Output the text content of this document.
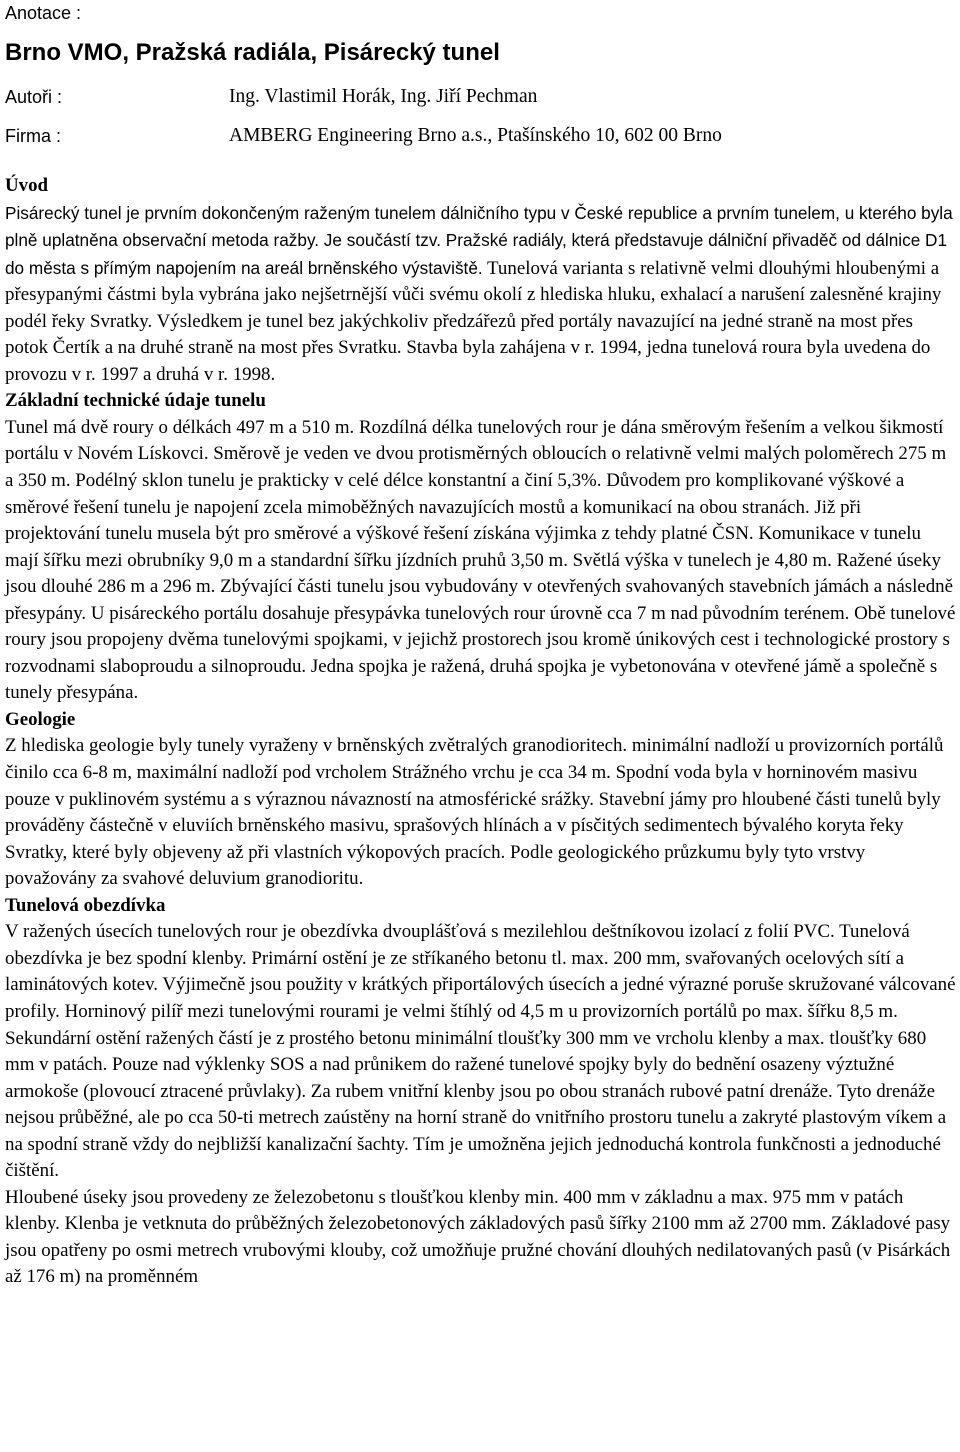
Anotace :
Brno VMO, Pražská radiála, Pisárecký tunel
Autoři :	Ing. Vlastimil Horák, Ing. Jiří Pechman
Firma :	AMBERG Engineering Brno a.s., Ptašínského 10, 602 00 Brno
Úvod

Pisárecký tunel je prvním dokončeným raženým tunelem dálničního typu v České republice a prvním tunelem, u kterého byla plně uplatněna observační metoda ražby. Je součástí tzv. Pražské radiály, která představuje dálniční přivaděč od dálnice D1 do města s přímým napojením na areál brněnského výstaviště. Tunelová varianta s relativně velmi dlouhými hloubenými a přesypanými částmi byla vybrána jako nejšetrnější vůči svému okolí z hlediska hluku, exhalací a narušení zalesněné krajiny podél řeky Svratky. Výsledkem je tunel bez jakýchkoliv předzářezů před portály navazující na jedné straně na most přes potok Čertík a na druhé straně na most přes Svratku. Stavba byla zahájena v r. 1994, jedna tunelová roura byla uvedena do provozu v r. 1997 a druhá v r. 1998.

Základní technické údaje tunelu

Tunel má dvě roury o délkách 497 m a 510 m. Rozdílná délka tunelových rour je dána směrovým řešením a velkou šikmostí portálu v Novém Lískovci. Směrově je veden ve dvou protisměrných obloucích o relativně velmi malých poloměrech 275 m a 350 m. Podélný sklon tunelu je prakticky v celé délce konstantní a činí 5,3%. Důvodem pro komplikované výškové a směrové řešení tunelu je napojení zcela mimoběžných navazujících mostů a komunikací na obou stranách. Již při projektování tunelu musela být pro směrové a výškové řešení získána výjimka z tehdy platné ČSN. Komunikace v tunelu mají šířku mezi obrubníky 9,0 m a standardní šířku jízdních pruhů 3,50 m. Světlá výška v tunelech je 4,80 m. Ražené úseky jsou dlouhé 286 m a 296 m. Zbývající části tunelu jsou vybudovány v otevřených svahovaných stavebních jámách a následně přesypány. U pisáreckého portálu dosahuje přesypávka tunelových rour úrovně cca 7 m nad původním terénem. Obě tunelové roury jsou propojeny dvěma tunelovými spojkami, v jejichž prostorech jsou kromě únikových cest i technologické prostory s rozvodnami slaboproudu a silnoproudu. Jedna spojka je ražená, druhá spojka je vybetonována v otevřené jámě a společně s tunely přesypána.

Geologie

Z hlediska geologie byly tunely vyraženy v brněnských zvětralých granodioritech. minimální nadloží u provizorních portálů činilo cca 6-8 m, maximální nadloží pod vrcholem Strážného vrchu je cca 34 m. Spodní voda byla v horninovém masivu pouze v puklinovém systému a s výraznou návazností na atmosférické srážky. Stavební jámy pro hloubené části tunelů byly prováděny částečně v eluviích brněnského masivu, sprašových hlínách a v písčitých sedimentech bývalého koryta řeky Svratky, které byly objeveny až při vlastních výkopových pracích. Podle geologického průzkumu byly tyto vrstvy považovány za svahové deluvium granodioritu.

Tunelová obezdívka

V ražených úsecích tunelových rour je obezdívka dvouplášťová s mezilehlou deštníkovou izolací z folií PVC. Tunelová obezdívka je bez spodní klenby. Primární ostění je ze stříkaného betonu tl. max. 200 mm, svařovaných ocelových sítí a laminátových kotev. Výjimečně jsou použity v krátkých připortálových úsecích a jedné výrazné poruše skružované válcované profily. Horninový pilíř mezi tunelovými rourami je velmi štíhlý od 4,5 m u provizorních portálů po max. šířku 8,5 m. Sekundární ostění ražených částí je z prostého betonu minimální tloušťky 300 mm ve vrcholu klenby a max. tloušťky 680 mm v patách. Pouze nad výklenky SOS a nad průnikem do ražené tunelové spojky byly do bednění osazeny výztužné armokoše (plovoucí ztracené průvlaky). Za rubem vnitřní klenby jsou po obou stranách rubové patní drenáže. Tyto drenáže nejsou průběžné, ale po cca 50-ti metrech zaústěny na horní straně do vnitřního prostoru tunelu a zakryté plastovým víkem a na spodní straně vždy do nejbližší kanalizační šachty. Tím je umožněna jejich jednoduchá kontrola funkčnosti a jednoduché čištění.

Hloubené úseky jsou provedeny ze železobetonu s tloušťkou klenby min. 400 mm v základnu a max. 975 mm v patách klenby. Klenba je vetknuta do průběžných železobetonových základových pasů šířky 2100 mm až 2700 mm. Základové pasy jsou opatřeny po osmi metrech vrubovými klouby, což umožňuje pružné chování dlouhých nedilatovaných pasů (v Pisárkách až 176 m) na proměnném
